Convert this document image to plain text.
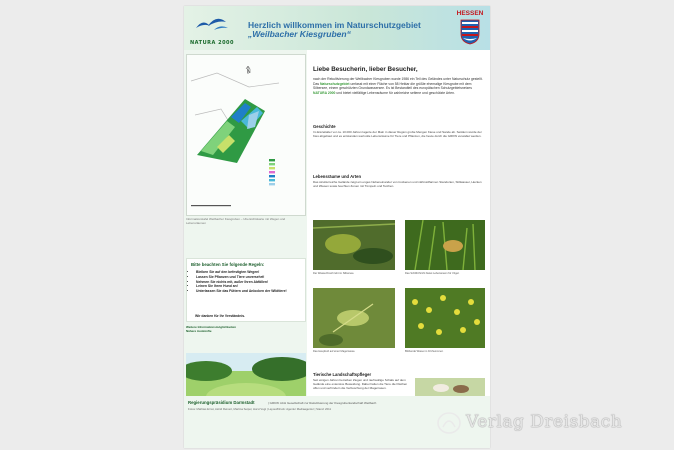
NATURA 2000
Herzlich willkommen im Naturschutzgebiet
„Weilbacher Kiesgruben“
HESSEN
N
Informationstafel Weilbacher Kiesgruben – Übersichtskarte mit Wegen und Lebensräumen
Bitte beachten Sie folgende Regeln:
• Bleiben Sie auf den befestigten Wegen!
• Lassen Sie Pflanzen und Tiere unversehrt!
• Nehmen Sie nichts mit, außer Ihren Abfällen!
• Leinen Sie Ihren Hund an!
• Unterlassen Sie das Füttern und Anlocken der Wildtiere!
Wir danken für Ihr Verständnis.
Weitere Informationsmöglichkeiten
Nähere Auskünfte
Liebe Besucherin, lieber Besucher,
nach der Rekultivierung der Weilbacher Kiesgruben wurde 1986 ein Teil des Geländes unter Naturschutz gestellt. Das Naturschutzgebiet umfasst mit einer Fläche von 58 Hektar die größte ehemalige Kiesgrube mit dem Silbersee, einem geschützten Grundwassersee. Es ist Bestandteil des europäischen Schutzgebietsnetzes NATURA 2000 und bietet vielfältige Lebensräume für zahlreiche seltene und geschützte Arten.
Geschichte
Im Eiszeitalter vor ca. 10.000 Jahren lagerte der Main in dieser Region große Mengen Kiese und Sande ab. Seitdem wurde der Kies abgebaut und es entstanden wertvolle Lebensräume für Tiere und Pflanzen, die heute durch die GRKW verwaltet werden.
Lebensräume und Arten
Das strukturreiche Gelände zeigt ein enges Nebeneinander von trockenen und nährstoffarmen Standorten, Stillwasser, Hecken und Wiesen sowie feuchten Zonen mit Tümpeln und Teichen.
Der Wasserfrosch lebt im Silbersee.	Das Schilfröhricht bietet Lebensraum für Vögel.
Das Heupferd auf einer Magerwiese.	Blühende Wiese im Frühsommer.
Tierische Landschaftspfleger
Seit einigen Jahren betreiben Ziegen und rauhwollige Schafe auf dem Gelände eine extensive Beweidung. Dabei halten die Tiere die Flächen offen und verhindern die Verbuschung der Magerrasen.
Regierungspräsidium Darmstadt	| GRKW mbH Gesellschaft zur Rekultivierung der Kiesgrubenlandschaft Weilbach
Fotos: Mathias Ernst, Astrid Reinert, Martina Seipel, Horst Vogt | Layout/Druck: Agentur Mediaagentur | Stand: 2011
Verlag Dreisbach
